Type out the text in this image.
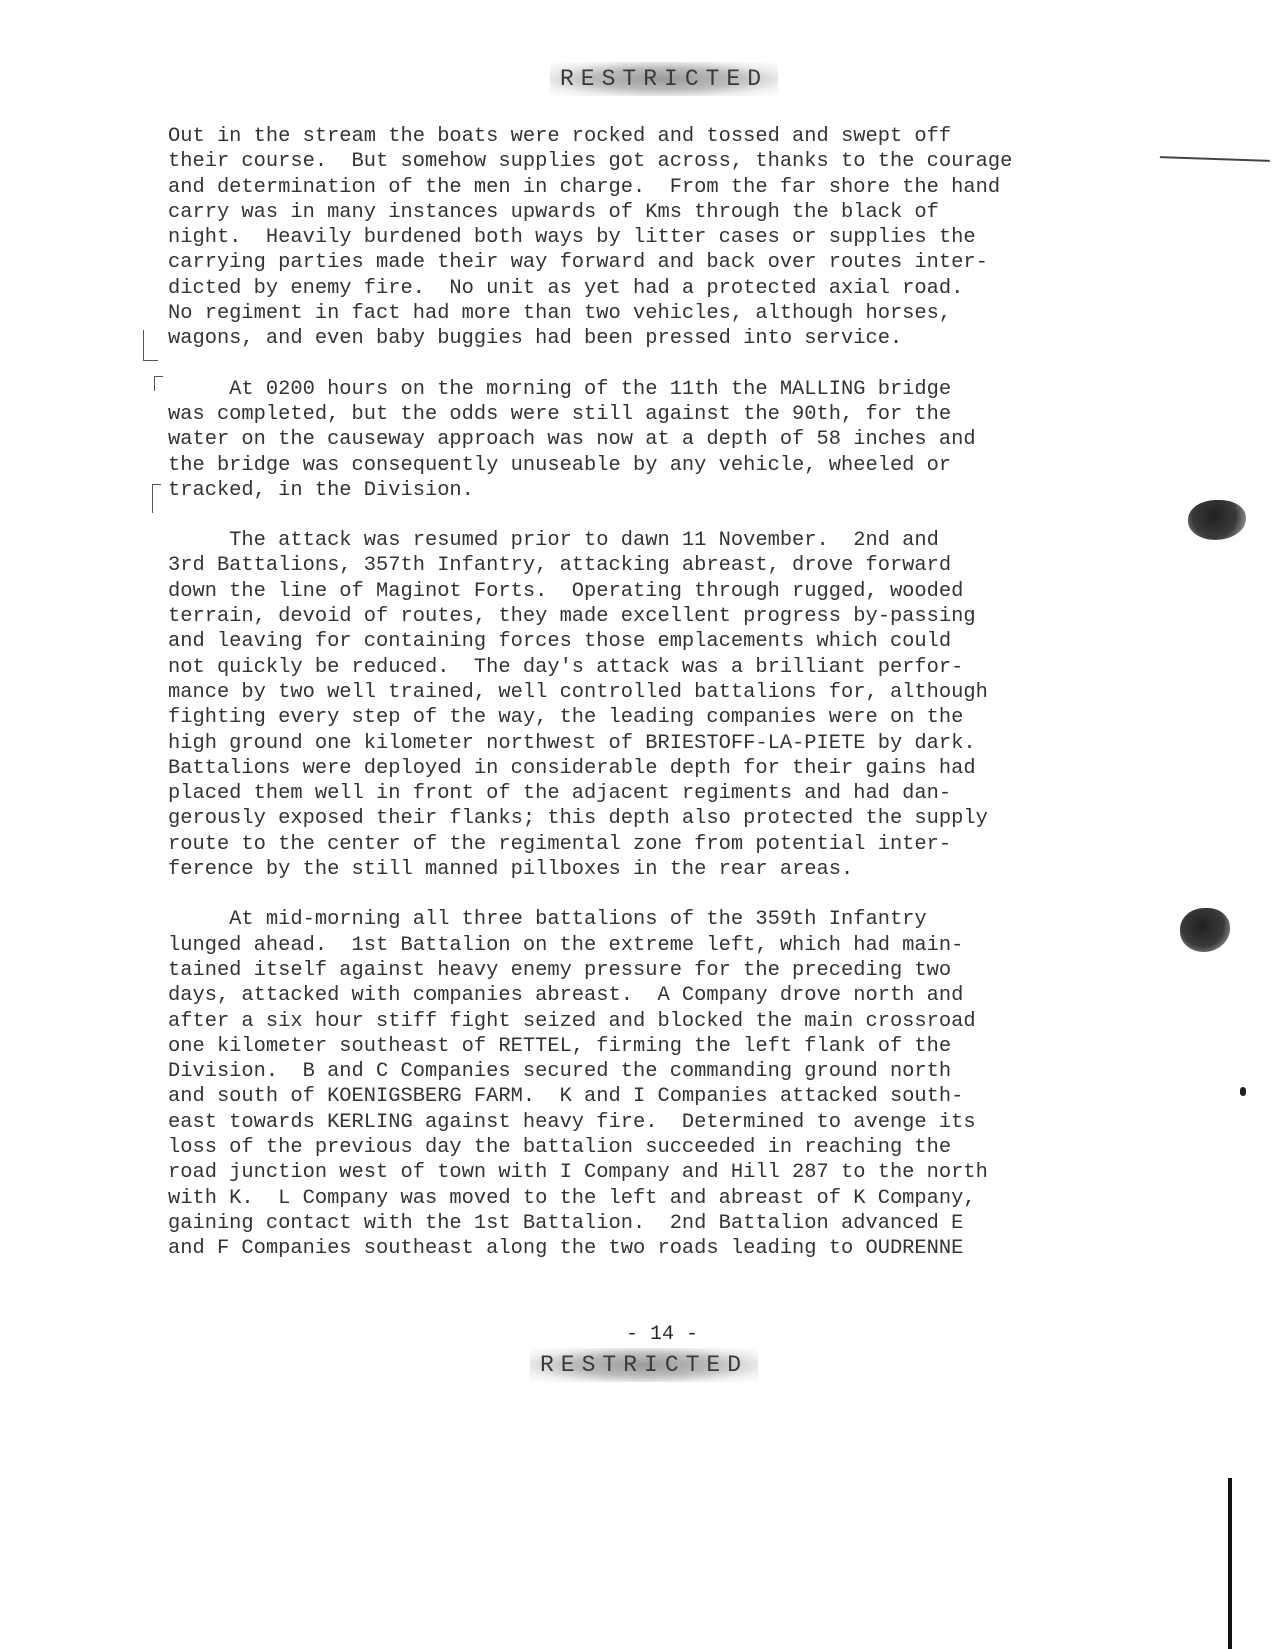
RESTRICTED
Out in the stream the boats were rocked and tossed and swept off
their course.  But somehow supplies got across, thanks to the courage
and determination of the men in charge.  From the far shore the hand
carry was in many instances upwards of Kms through the black of
night.  Heavily burdened both ways by litter cases or supplies the
carrying parties made their way forward and back over routes inter-
dicted by enemy fire.  No unit as yet had a protected axial road.
No regiment in fact had more than two vehicles, although horses,
wagons, and even baby buggies had been pressed into service.
At 0200 hours on the morning of the 11th the MALLING bridge
was completed, but the odds were still against the 90th, for the
water on the causeway approach was now at a depth of 58 inches and
the bridge was consequently unuseable by any vehicle, wheeled or
tracked, in the Division.
The attack was resumed prior to dawn 11 November.  2nd and
3rd Battalions, 357th Infantry, attacking abreast, drove forward
down the line of Maginot Forts.  Operating through rugged, wooded
terrain, devoid of routes, they made excellent progress by-passing
and leaving for containing forces those emplacements which could
not quickly be reduced.  The day's attack was a brilliant perfor-
mance by two well trained, well controlled battalions for, although
fighting every step of the way, the leading companies were on the
high ground one kilometer northwest of BRIESTOFF-LA-PIETE by dark.
Battalions were deployed in considerable depth for their gains had
placed them well in front of the adjacent regiments and had dan-
gerously exposed their flanks; this depth also protected the supply
route to the center of the regimental zone from potential inter-
ference by the still manned pillboxes in the rear areas.
At mid-morning all three battalions of the 359th Infantry
lunged ahead.  1st Battalion on the extreme left, which had main-
tained itself against heavy enemy pressure for the preceding two
days, attacked with companies abreast.  A Company drove north and
after a six hour stiff fight seized and blocked the main crossroad
one kilometer southeast of RETTEL, firming the left flank of the
Division.  B and C Companies secured the commanding ground north
and south of KOENIGSBERG FARM.  K and I Companies attacked south-
east towards KERLING against heavy fire.  Determined to avenge its
loss of the previous day the battalion succeeded in reaching the
road junction west of town with I Company and Hill 287 to the north
with K.  L Company was moved to the left and abreast of K Company,
gaining contact with the 1st Battalion.  2nd Battalion advanced E
and F Companies southeast along the two roads leading to OUDRENNE
- 14 -
RESTRICTED
